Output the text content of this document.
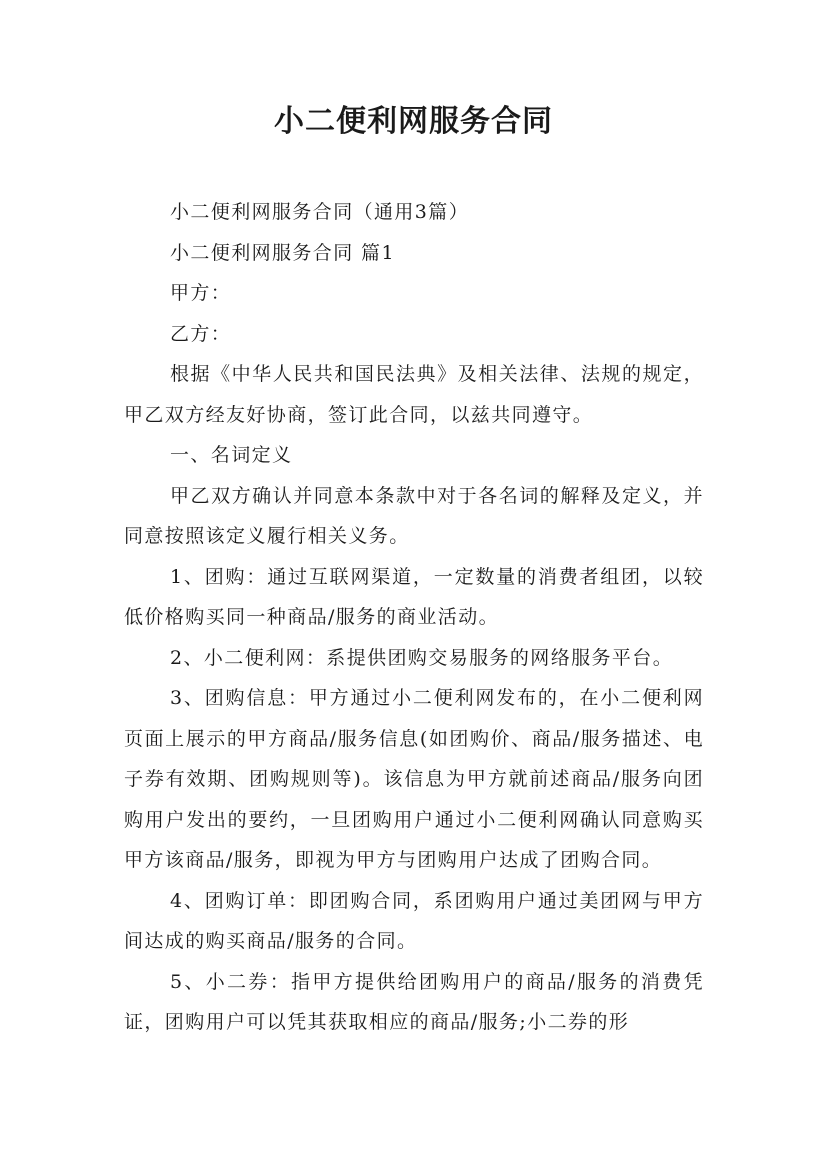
小二便利网服务合同

小二便利网服务合同（通用3篇）

小二便利网服务合同 篇1

甲方：

乙方：

根据《中华人民共和国民法典》及相关法律、法规的规定，甲乙双方经友好协商，签订此合同，以兹共同遵守。

一、名词定义

甲乙双方确认并同意本条款中对于各名词的解释及定义，并同意按照该定义履行相关义务。

1、团购：通过互联网渠道，一定数量的消费者组团，以较低价格购买同一种商品/服务的商业活动。

2、小二便利网：系提供团购交易服务的网络服务平台。

3、团购信息：甲方通过小二便利网发布的，在小二便利网页面上展示的甲方商品/服务信息(如团购价、商品/服务描述、电子券有效期、团购规则等)。该信息为甲方就前述商品/服务向团购用户发出的要约，一旦团购用户通过小二便利网确认同意购买甲方该商品/服务，即视为甲方与团购用户达成了团购合同。

4、团购订单：即团购合同，系团购用户通过美团网与甲方间达成的购买商品/服务的合同。

5、小二券：指甲方提供给团购用户的商品/服务的消费凭证，团购用户可以凭其获取相应的商品/服务;小二券的形
